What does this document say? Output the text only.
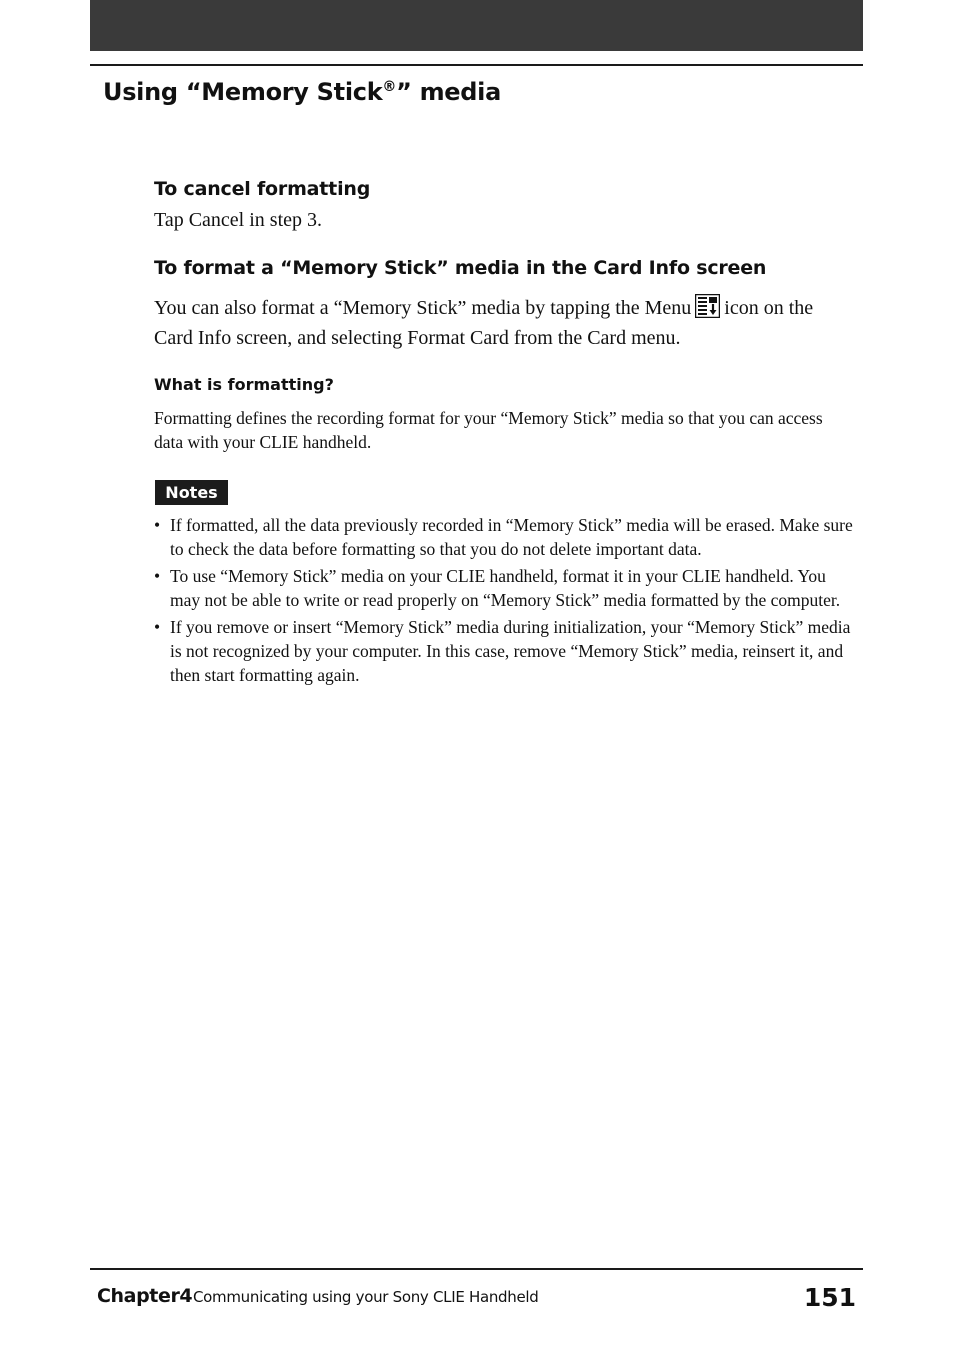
Using “Memory Stick®” media
To cancel formatting

Tap Cancel in step 3.

To format a “Memory Stick” media in the Card Info screen

You can also format a “Memory Stick” media by tapping the Menu icon on the Card Info screen, and selecting Format Card from the Card menu.

What is formatting?

Formatting defines the recording format for your “Memory Stick” media so that you can access data with your CLIE handheld.

Notes
• If formatted, all the data previously recorded in “Memory Stick” media will be erased. Make sure to check the data before formatting so that you do not delete important data.
• To use “Memory Stick” media on your CLIE handheld, format it in your CLIE handheld. You may not be able to write or read properly on “Memory Stick” media formatted by the computer.
• If you remove or insert “Memory Stick” media during initialization, your “Memory Stick” media is not recognized by your computer. In this case, remove “Memory Stick” media, reinsert it, and then start formatting again.
Chapter4 Communicating using your Sony CLIE Handheld	151
